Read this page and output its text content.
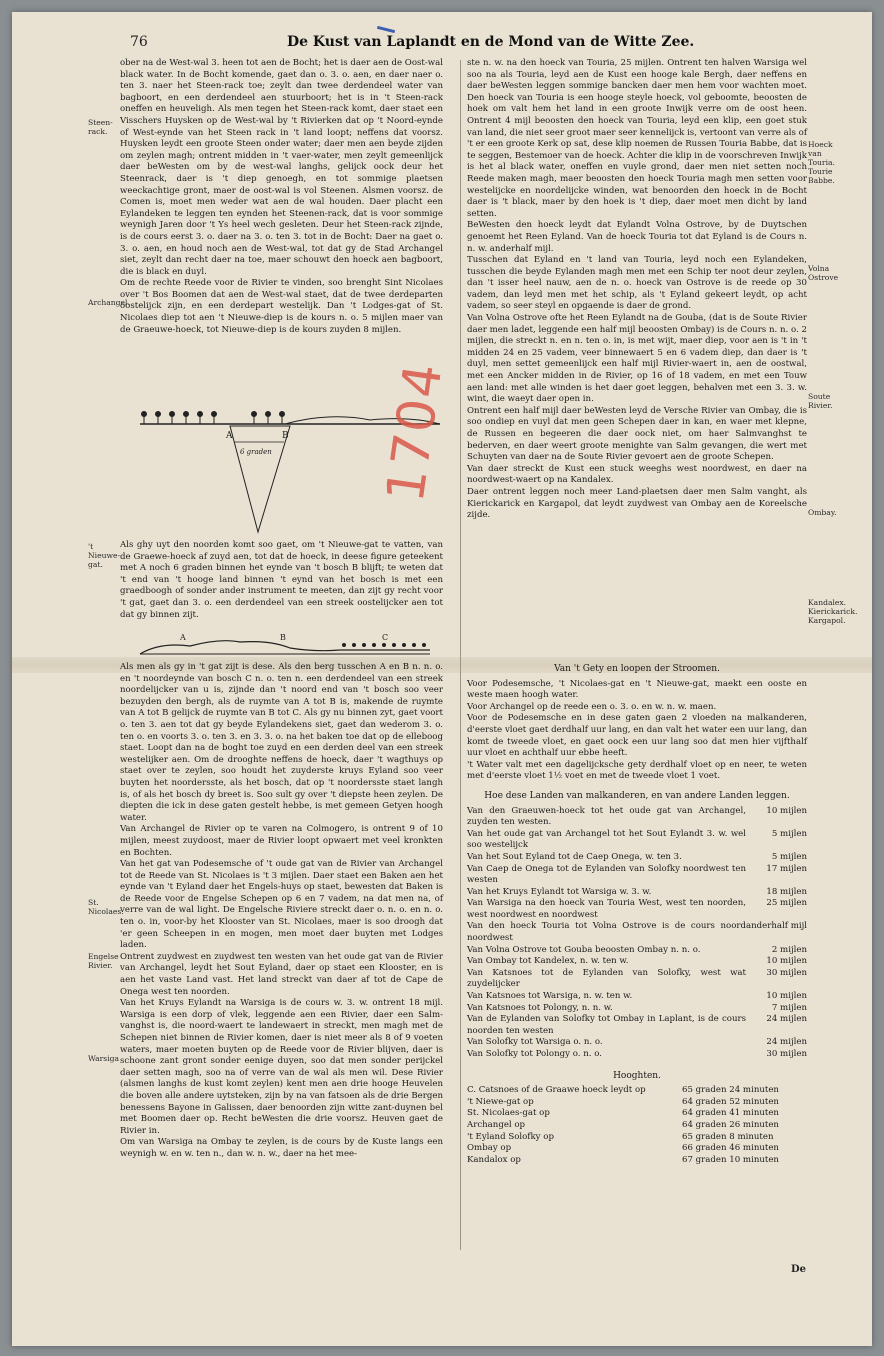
76	De Kust van Laplandt en de Mond van de Witte Zee.

ober na de West-wal 3. heen tot aen de Bocht; het is daer aen de Oost-wal black water. In de Bocht komende, gaet dan o. 3. o. aen, en daer naer o. ten 3. naer het Steen-rack toe; zeylt dan twee derdendeel water van bagboort, en een derdendeel aen stuurboort; het is in 't Steen-rack oneffen en heuveligh. Als men tegen het Steen-rack komt, daer staet een Visschers Huysken op de West-wal by 't Rivierken dat op 't Noord-eynde of West-eynde van het Steen rack in 't land loopt; neffens dat voorsz. Huysken leydt een groote Steen onder water; daer men aen beyde zijden om zeylen magh; ontrent midden in 't vaer-water, men zeylt gemeenlijck daer beWesten om by de west-wal langhs, gelijck oock deur het Steenrack, daer is 't diep genoegh, en tot sommige plaetsen weeckachtige gront, maer de oost-wal is vol Steenen. Alsmen voorsz. de Comen is, moet men weder wat aen de wal houden. Daer placht een Eylandeken te leggen ten eynden het Steenen-rack, dat is voor sommige weynigh Jaren door 't Ys heel wech gesleten. Deur het Steen-rack zijnde, is de cours eerst 3. o. daer na 3. o. ten 3. tot in de Bocht: Daer na gaet o. 3. o. aen, en houd noch aen de West-wal, tot dat gy de Stad Archangel siet, zeylt dan recht daer na toe, maer schouwt den hoeck aen bagboort, die is black en duyl.

Om de rechte Reede voor de Rivier te vinden, soo brenght Sint Nicolaes over 't Bos Boomen dat aen de West-wal staet, dat de twee derdeparten oostelijck zijn, en een derdepart westelijk. Dan 't Lodges-gat of St. Nicolaes diep tot aen 't Nieuwe-diep is de kours n. o. 5 mijlen maer van de Graeuwe-hoeck, tot Nieuwe-diep is de kours zuyden 8 mijlen.

A	B
6 graden 1704

Als ghy uyt den noorden komt soo gaet, om 't Nieuwe-gat te vatten, van de Graewe-hoeck af zuyd aen, tot dat de hoeck, in deese figure geteekent met A noch 6 graden binnen het eynde van 't bosch B blijft; te weten dat 't end van 't hooge land binnen 't eynd van het bosch is met een graedboogh of sonder ander instrument te meeten, dan zijt gy recht voor 't gat, gaet dan 3. o. een derdendeel van een streek oostelijcker aen tot dat gy binnen zijt.

A	B	C

Als men als gy in 't gat zijt is dese. Als den berg tusschen A en B n. n. o. en 't noordeynde van bosch C n. o. ten n. een derdendeel van een streek noordelijcker van u is, zijnde dan 't noord end van 't bosch soo veer bezuyden den bergh, als de ruymte van A tot B is, makende de ruymte van A tot B gelijck de ruymte van B tot C. Als gy nu binnen zyt, gaet voort o. ten 3. aen tot dat gy beyde Eylandekens siet, gaet dan wederom 3. o. ten o. en voorts 3. o. ten 3. en 3. 3. o. na het baken toe dat op de elleboog staet. Loopt dan na de boght toe zuyd en een derden deel van een streek westelijker aen. Om de drooghte neffens de hoeck, daer 't wagthuys op staet over te zeylen, soo houdt het zuyderste kruys Eyland soo veer buyten het noordersste, als het bosch, dat op 't noordersste staet langh is, of als het bosch dy breet is. Soo sult gy over 't diepste heen zeylen. De diepten die ick in dese gaten gestelt hebbe, is met gemeen Getyen hoogh water.

Van Archangel de Rivier op te varen na Colmogero, is ontrent 9 of 10 mijlen, meest zuydoost, maer de Rivier loopt opwaert met veel kronkten en Bochten.

Van het gat van Podesemsche of 't oude gat van de Rivier van Archangel tot de Reede van St. Nicolaes is 't 3 mijlen. Daer staet een Baken aen het eynde van 't Eyland daer het Engels-huys op staet, bewesten dat Baken is de Reede voor de Engelse Schepen op 6 en 7 vadem, na dat men na, of verre van de wal light. De Engelsche Riviere streckt daer o. n. o. en n. o. ten o. in, voor-by het Klooster van St. Nicolaes, maer is soo droogh dat 'er geen Scheepen in en mogen, men moet daer buyten met Lodges laden.

Ontrent zuydwest en zuydwest ten westen van het oude gat van de Rivier van Archangel, leydt het Sout Eyland, daer op staet een Klooster, en is aen het vaste Land vast. Het land streckt van daer af tot de Cape de Onega west ten noorden.

Van het Kruys Eylandt na Warsiga is de cours w. 3. w. ontrent 18 mijl. Warsiga is een dorp of vlek, leggende aen een Rivier, daer een Salm-vanghst is, die noord-waert te landewaert in streckt, men magh met de Schepen niet binnen de Rivier komen, daer is niet meer als 8 of 9 voeten waters, maer moeten buyten op de Reede voor de Rivier blijven, daer is schoone zant gront sonder eenige duyen, soo dat men sonder perijckel daer setten magh, soo na of verre van de wal als men wil. Dese Rivier (alsmen langhs de kust komt zeylen) kent men aen drie hooge Heuvelen die boven alle andere uytsteken, zijn by na van fatsoen als de drie Bergen benessens Bayone in Galissen, daer benoorden zijn witte zant-duynen bel met Boomen daer op. Recht beWesten die drie voorsz. Heuven gaet de Rivier in.

Om van Warsiga na Ombay te zeylen, is de cours by de Kuste langs een weynigh w. en w. ten n., dan w. n. w., daer na het mee-

Steen-rack.
Archangel.
't Nieuwe-gat.
St. Nicolaes.
Engelse Rivier.
Warsiga

ste n. w. na den hoeck van Touria, 25 mijlen. Ontrent ten halven Warsiga wel soo na als Touria, leyd aen de Kust een hooge kale Bergh, daer neffens en daer beWesten leggen sommige bancken daer men hem voor wachten moet. Den hoeck van Touria is een hooge steyle hoeck, vol geboomte, beoosten de hoek om valt hem het land in een groote Inwijk verre om de oost heen. Ontrent 4 mijl beoosten den hoeck van Touria, leyd een klip, een goet stuk van land, die niet seer groot maer seer kennelijck is, vertoont van verre als of 't er een groote Kerk op sat, dese klip noemen de Russen Touria Babbe, dat is te seggen, Bestemoer van de hoeck. Achter die klip in de voorschreven Inwijk is het al black water, oneffen en vuyle grond, daer men niet setten noch Reede maken magh, maer beoosten den hoeck Touria magh men setten voor westelijcke en noordelijcke winden, wat benoorden den hoeck in de Bocht daer is 't black, maer by den hoek is 't diep, daer moet men dicht by land setten.

BeWesten den hoeck leydt dat Eylandt Volna Ostrove, by de Duytschen genoemt het Reen Eyland. Van de hoeck Touria tot dat Eyland is de Cours n. n. w. anderhalf mijl.

Tusschen dat Eyland en 't land van Touria, leyd noch een Eylandeken, tusschen die beyde Eylanden magh men met een Schip ter noot deur zeylen, dan 't isser heel nauw, aen de n. o. hoeck van Ostrove is de reede op 30 vadem, dan leyd men met het schip, als 't Eyland gekeert leydt, op acht vadem, so seer steyl en opgaende is daer de grond.

Van Volna Ostrove ofte het Reen Eylandt na de Gouba, (dat is de Soute Rivier daer men ladet, leggende een half mijl beoosten Ombay) is de Cours n. n. o. 2 mijlen, die streckt n. en n. ten o. in, is met wijt, maer diep, voor aen is 't in 't midden 24 en 25 vadem, veer binnewaert 5 en 6 vadem diep, dan daer is 't duyl, men settet gemeenlijck een half mijl Rivier-waert in, aen de oostwal, met een Ancker midden in de Rivier, op 16 of 18 vadem, en met een Touw aen land: met alle winden is het daer goet leggen, behalven met een 3. 3. w. wint, die waeyt daer open in.

Ontrent een half mijl daer beWesten leyd de Versche Rivier van Ombay, die is soo ondiep en vuyl dat men geen Schepen daer in kan, en waer met klepne, de Russen en begeeren die daer oock niet, om haer Salmvanghst te bederven, en daer weert groote menighte van Salm gevangen, die wert met Schuyten van daer na de Soute Rivier gevoert aen de groote Schepen.

Van daer streckt de Kust een stuck weeghs west noordwest, en daer na noordwest-waert op na Kandalex.

Daer ontrent leggen noch meer Land-plaetsen daer men Salm vanght, als Kierickarick en Kargapol, dat leydt zuydwest van Ombay aen de Koreelsche zijde.

Van 't Gety en loopen der Stroomen.

Voor Podesemsche, 't Nicolaes-gat en 't Nieuwe-gat, maekt een ooste en weste maen hoogh water.

Voor Archangel op de reede een o. 3. o. en w. n. w. maen.

Voor de Podesemsche en in dese gaten gaen 2 vloeden na malkanderen, d'eerste vloet gaet derdhalf uur lang, en dan valt het water een uur lang, dan komt de tweede vloet, en gaet oock een uur lang soo dat men hier vijfthalf uur vloet en achthalf uur ebbe heeft.

't Water valt met een dagelijcksche gety derdhalf vloet op en neer, te weten met d'eerste vloet 1½ voet en met de tweede vloet 1 voet.

Hoe dese Landen van malkanderen, en van andere Landen leggen.
Van den Graeuwen-hoeck tot het oude gat van Archangel, zuyden ten westen.	10 mijlen
Van het oude gat van Archangel tot het Sout Eylandt 3. w. wel soo westelijck	5 mijlen
Van het Sout Eyland tot de Caep Onega, w. ten 3.	5 mijlen
Van Caep de Onega tot de Eylanden van Solofky noordwest ten westen	17 mijlen
Van het Kruys Eylandt tot Warsiga w. 3. w.	18 mijlen
Van Warsiga na den hoeck van Touria West, west ten noorden, west noordwest en noordwest	25 mijlen
Van den hoeck Touria tot Volna Ostrove is de cours noord noordwest	anderhalf mijl
Van Volna Ostrove tot Gouba beoosten Ombay n. n. o.	2 mijlen
Van Ombay tot Kandelex, n. w. ten w.	10 mijlen
Van Katsnoes tot de Eylanden van Solofky, west wat zuydelijcker	30 mijlen
Van Katsnoes tot Warsiga, n. w. ten w.	10 mijlen
Van Katsnoes tot Polongy, n. n. w.	7 mijlen
Van de Eylanden van Solofky tot Ombay in Laplant, is de cours noorden ten westen	24 mijlen
Van Solofky tot Warsiga o. n. o.	24 mijlen
Van Solofky tot Polongy o. n. o.	30 mijlen
Hooghten.
C. Catsnoes of de Graawe hoeck leydt op	65 graden 24 minuten
't Niewe-gat op	64 graden 52 minuten
St. Nicolaes-gat op	64 graden 41 minuten
Archangel op	64 graden 26 minuten
't Eyland Solofky op	65 graden 8 minuten
Ombay op	66 graden 46 minuten
Kandalox op	67 graden 10 minuten
Hoeck van Touria. Tourie Babbe.
Volna Ostrove
Soute Rivier.
Ombay.
Kandalex. Kierickarick. Kargapol.
De
